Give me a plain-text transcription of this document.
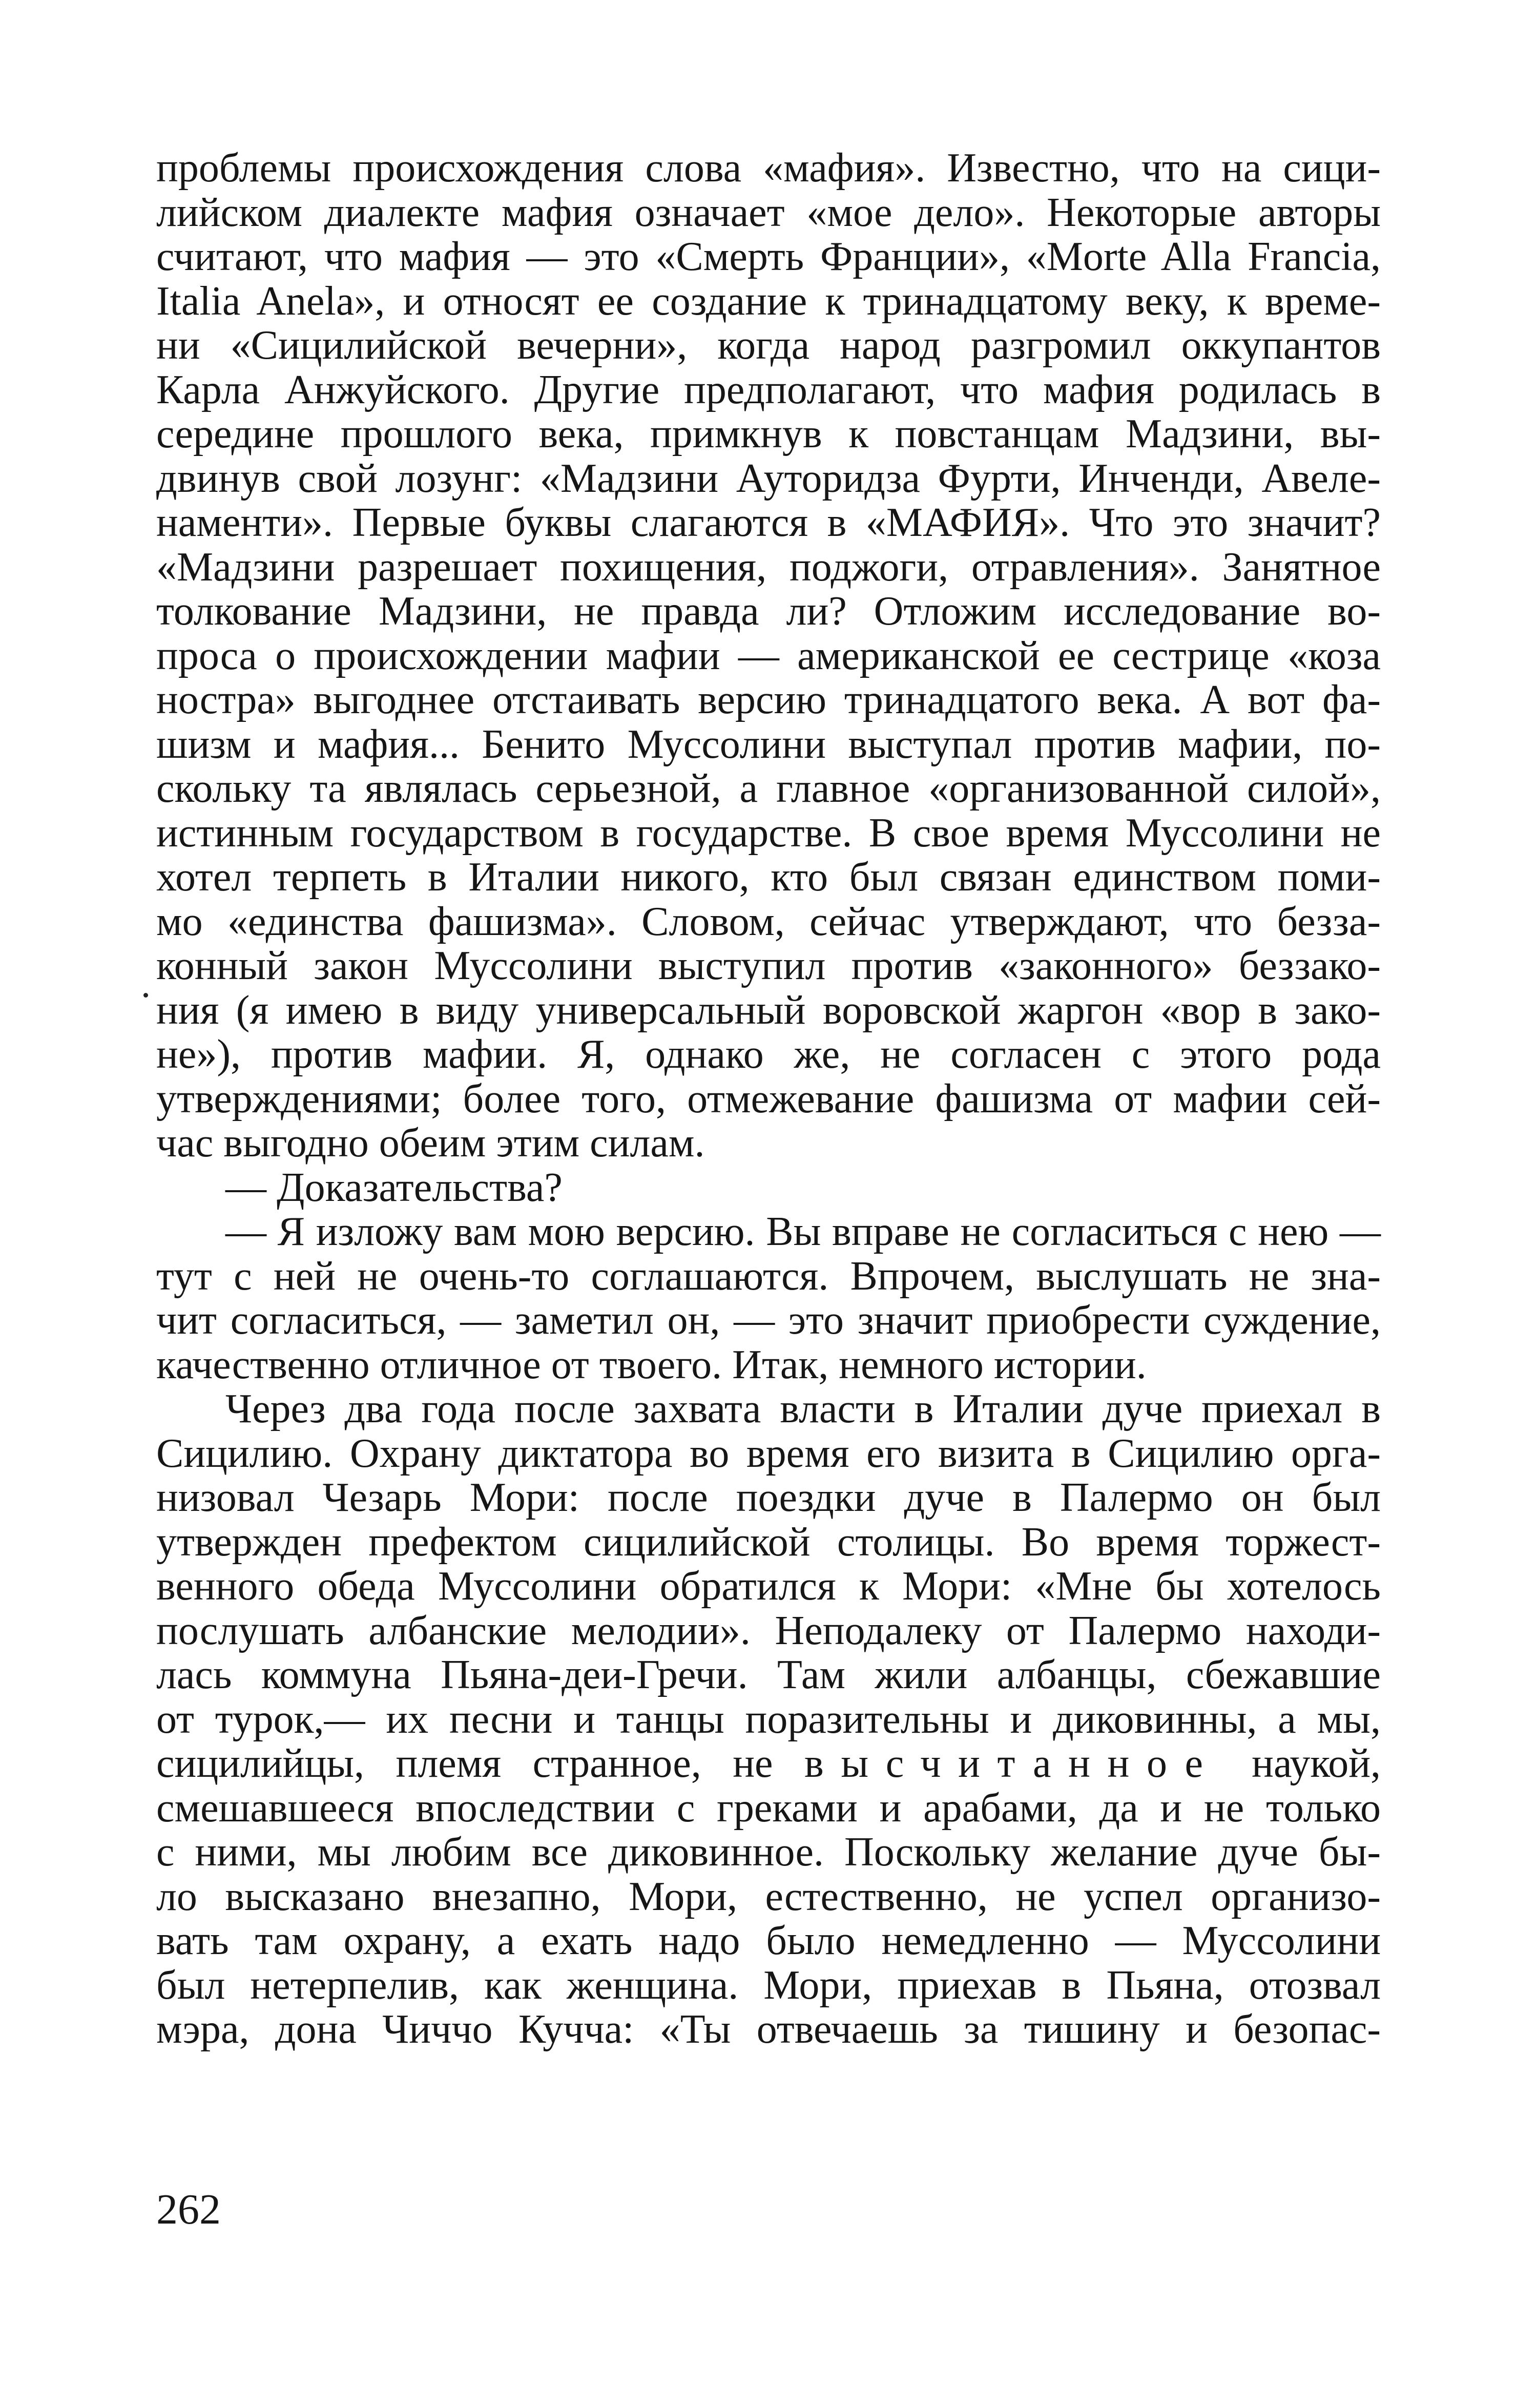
проблемы происхождения слова «мафия». Известно, что на сици-
лийском диалекте мафия означает «мое дело». Некоторые авторы
считают, что мафия — это «Смерть Франции», «Morte Alla Francia,
Italia Anela», и относят ее создание к тринадцатому веку, к време-
ни «Сицилийской вечерни», когда народ разгромил оккупантов
Карла Анжуйского. Другие предполагают, что мафия родилась в
середине прошлого века, примкнув к повстанцам Мадзини, вы-
двинув свой лозунг: «Мадзини Ауторидза Фурти, Инченди, Авеле-
наменти». Первые буквы слагаются в «МАФИЯ». Что это значит?
«Мадзини разрешает похищения, поджоги, отравления». Занятное
толкование Мадзини, не правда ли? Отложим исследование во-
проса о происхождении мафии — американской ее сестрице «коза
ностра» выгоднее отстаивать версию тринадцатого века. А вот фа-
шизм и мафия... Бенито Муссолини выступал против мафии, по-
скольку та являлась серьезной, а главное «организованной силой»,
истинным государством в государстве. В свое время Муссолини не
хотел терпеть в Италии никого, кто был связан единством поми-
мо «единства фашизма». Словом, сейчас утверждают, что безза-
конный закон Муссолини выступил против «законного» беззако-
ния (я имею в виду универсальный воровской жаргон «вор в зако-
не»), против мафии. Я, однако же, не согласен с этого рода
утверждениями; более того, отмежевание фашизма от мафии сей-
час выгодно обеим этим силам.
— Доказательства?
— Я изложу вам мою версию. Вы вправе не согласиться с нею —
тут с ней не очень-то соглашаются. Впрочем, выслушать не зна-
чит согласиться, — заметил он, — это значит приобрести суждение,
качественно отличное от твоего. Итак, немного истории.
Через два года после захвата власти в Италии дуче приехал в
Сицилию. Охрану диктатора во время его визита в Сицилию орга-
низовал Чезарь Мори: после поездки дуче в Палермо он был
утвержден префектом сицилийской столицы. Во время торжест-
венного обеда Муссолини обратился к Мори: «Мне бы хотелось
послушать албанские мелодии». Неподалеку от Палермо находи-
лась коммуна Пьяна-деи-Гречи. Там жили албанцы, сбежавшие
от турок,— их песни и танцы поразительны и диковинны, а мы,
сицилийцы, племя странное, не высчитанное наукой,
смешавшееся впоследствии с греками и арабами, да и не только
с ними, мы любим все диковинное. Поскольку желание дуче бы-
ло высказано внезапно, Мори, естественно, не успел организо-
вать там охрану, а ехать надо было немедленно — Муссолини
был нетерпелив, как женщина. Мори, приехав в Пьяна, отозвал
мэра, дона Чиччо Кучча: «Ты отвечаешь за тишину и безопас-
262
